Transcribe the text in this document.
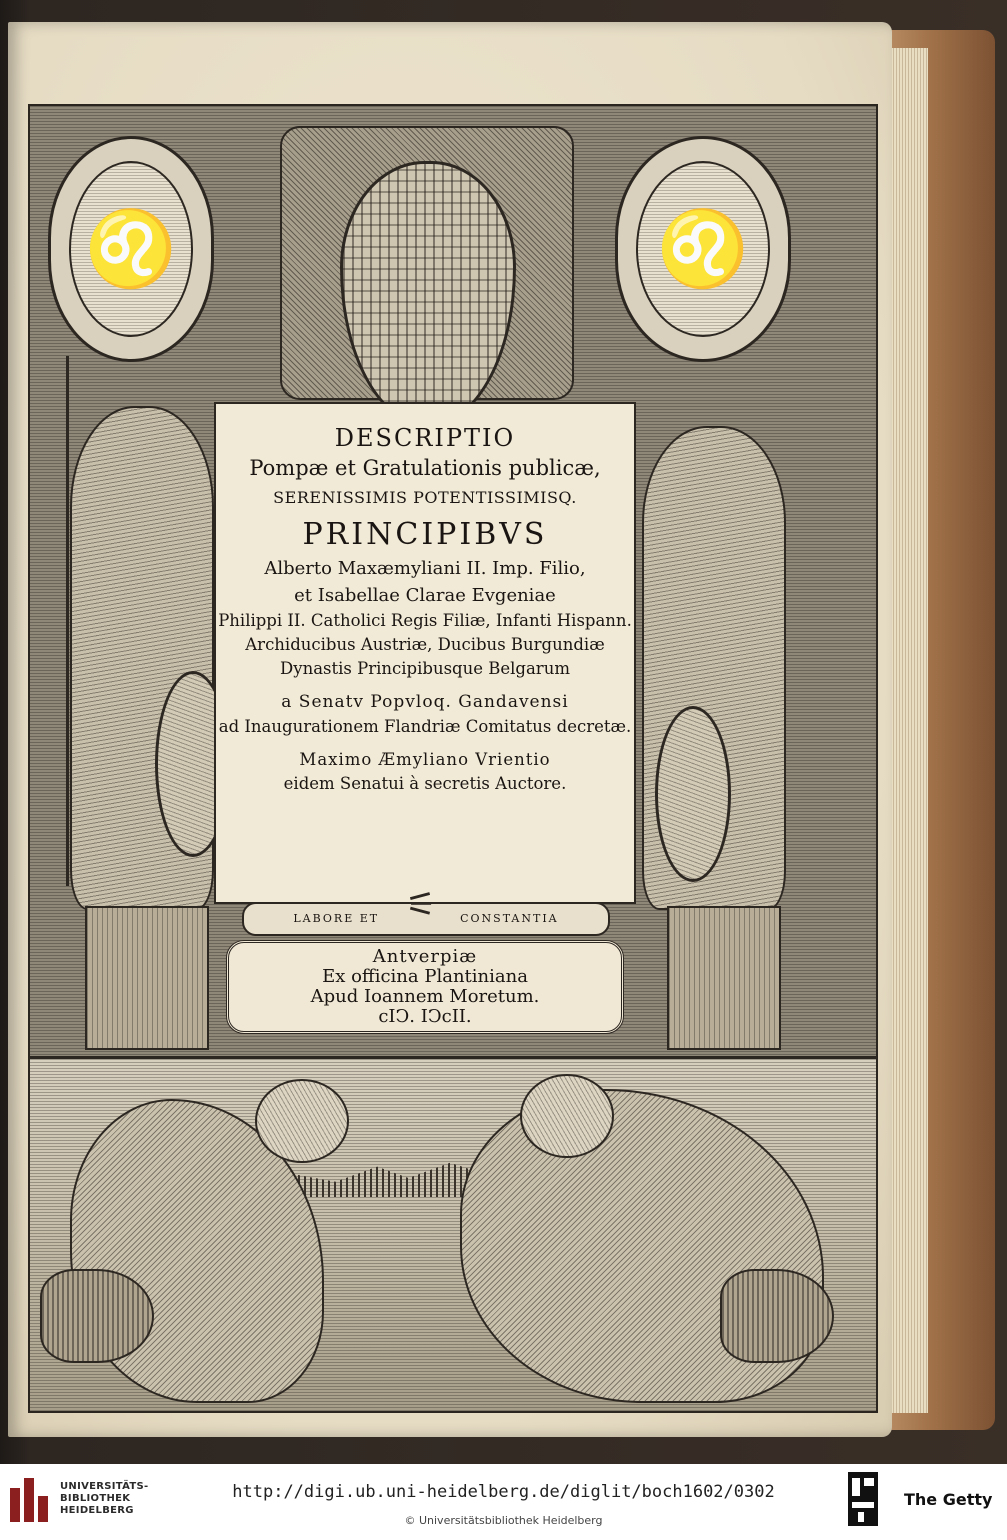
♌	♌
DESCRIPTIO
Pompæ et Gratulationis publicæ,
SERENISSIMIS POTENTISSIMISQ.
PRINCIPIBVS
Alberto Maxæmyliani II. Imp. Filio,
et Isabellae Clarae Evgeniae
Philippi II. Catholici Regis Filiæ, Infanti Hispann.
Archiducibus Austriæ, Ducibus Burgundiæ
Dynastis Principibusque Belgarum
a Senatv Popvloq. Gandavensi
ad Inaugurationem Flandriæ Comitatus decretæ.
Maximo Æmyliano Vrientio
eidem Senatui à secretis Auctore.
LABORE ET	CONSTANTIA
⚟
Antverpiæ
Ex officina Plantiniana
Apud Ioannem Moretum.
cIↃ. IↃcII.
UNIVERSITÄTS-
BIBLIOTHEK
HEIDELBERG
http://digi.ub.uni-heidelberg.de/diglit/boch1602/0302
© Universitätsbibliothek Heidelberg
The Getty
